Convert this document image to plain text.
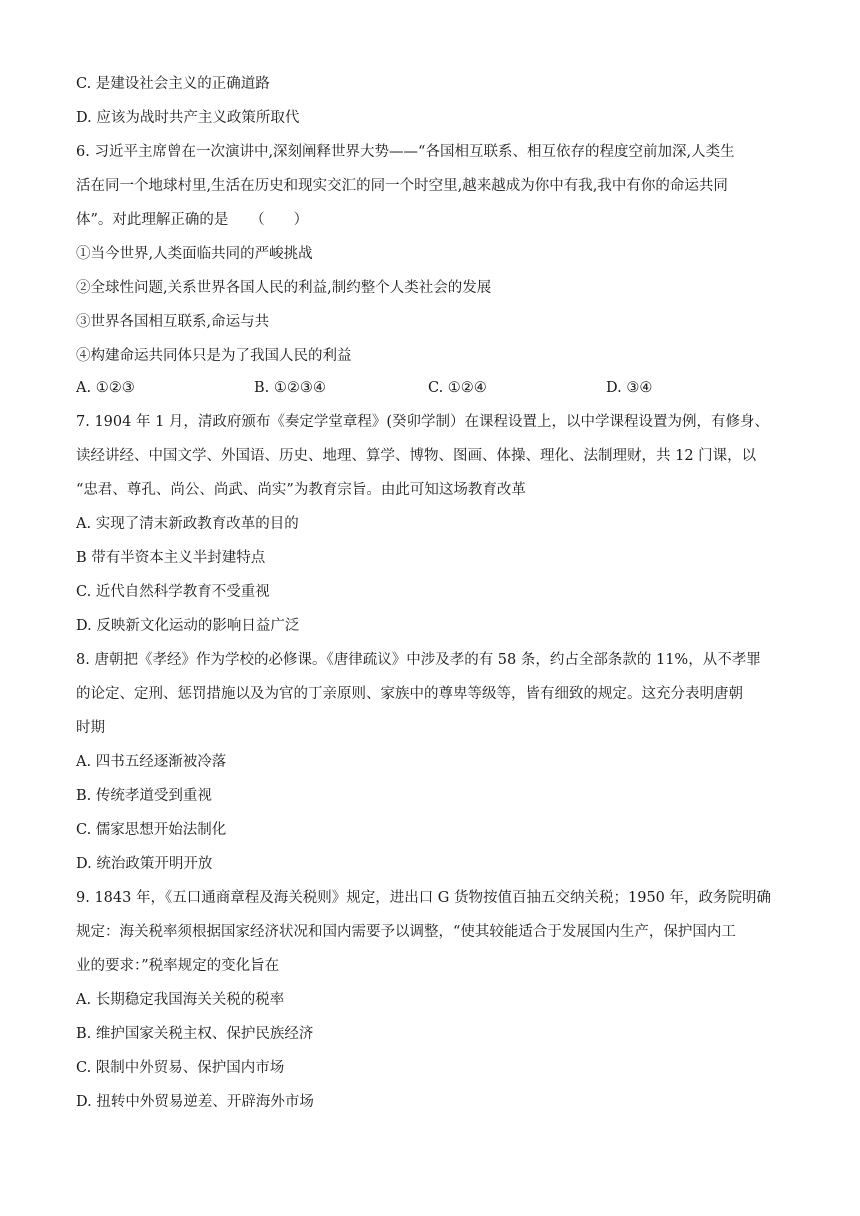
C. 是建设社会主义的正确道路
D. 应该为战时共产主义政策所取代
6. 习近平主席曾在一次演讲中,深刻阐释世界大势——“各国相互联系、相互依存的程度空前加深,人类生
活在同一个地球村里,生活在历史和现实交汇的同一个时空里,越来越成为你中有我,我中有你的命运共同
体”。对此理解正确的是　　（　　）
①当今世界,人类面临共同的严峻挑战
②全球性问题,关系世界各国人民的利益,制约整个人类社会的发展
③世界各国相互联系,命运与共
④构建命运共同体只是为了我国人民的利益
A. ①②③	B. ①②③④	C. ①②④	D. ③④
7. 1904 年 1 月，清政府颁布《奏定学堂章程》(癸卯学制）在课程设置上，以中学课程设置为例，有修身、
读经讲经、中国文学、外国语、历史、地理、算学、博物、图画、体操、理化、法制理财，共 12 门课，以
“忠君、尊孔、尚公、尚武、尚实”为教育宗旨。由此可知这场教育改革
A. 实现了清末新政教育改革的目的
B 带有半资本主义半封建特点
C. 近代自然科学教育不受重视
D. 反映新文化运动的影响日益广泛
8. 唐朝把《孝经》作为学校的必修课。《唐律疏议》中涉及孝的有 58 条，约占全部条款的 11%，从不孝罪
的论定、定刑、惩罚措施以及为官的丁亲原则、家族中的尊卑等级等，皆有细致的规定。这充分表明唐朝
时期
A. 四书五经逐渐被冷落
B. 传统孝道受到重视
C. 儒家思想开始法制化
D. 统治政策开明开放
9. 1843 年，《五口通商章程及海关税则》规定，进出口 G 货物按值百抽五交纳关税；1950 年，政务院明确
规定：海关税率须根据国家经济状况和国内需要予以调整，“使其较能适合于发展国内生产，保护国内工
业的要求：”税率规定的变化旨在
A. 长期稳定我国海关关税的税率
B. 维护国家关税主权、保护民族经济
C. 限制中外贸易、保护国内市场
D. 扭转中外贸易逆差、开辟海外市场
